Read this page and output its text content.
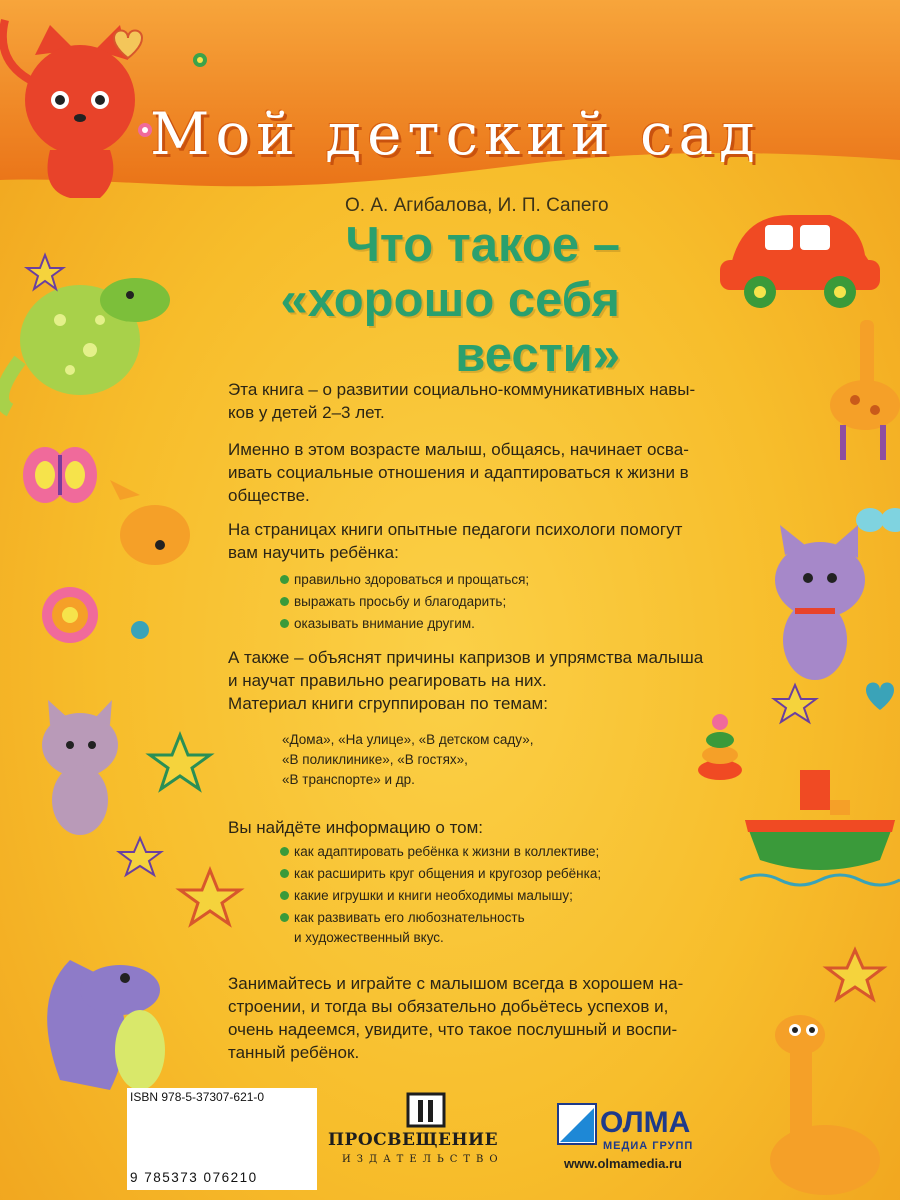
Мой детский сад
О. А. Агибалова, И. П. Сапего
Что такое –
«хорошо себя
вести»
Эта книга – о развитии социально-коммуникативных навы-
ков у детей 2–3 лет.
Именно в этом возрасте малыш, общаясь, начинает осва-
ивать социальные отношения и адаптироваться к жизни в
обществе.
На страницах книги опытные педагоги психологи помогут
вам научить ребёнка:
правильно здороваться и прощаться;
выражать просьбу и благодарить;
оказывать внимание другим.
А также – объяснят причины капризов и упрямства малыша
и научат правильно реагировать на них.
Материал книги сгруппирован по темам:
«Дома», «На улице», «В детском саду»,
«В поликлинике», «В гостях»,
«В транспорте» и др.
Вы найдёте информацию о том:
как адаптировать ребёнка к жизни в коллективе;
как расширить круг общения и кругозор ребёнка;
какие игрушки и книги необходимы малышу;
как развивать его любознательность
и художественный вкус.
Занимайтесь и играйте с малышом всегда в хорошем на-
строении, и тогда вы обязательно добьётесь успехов и,
очень надеемся, увидите, что такое послушный и воспи-
танный ребёнок.
ISBN 978-5-37307-621-0
9 785373 076210
ПРОСВЕЩЕНИЕ
ИЗДАТЕЛЬСТВО
ОЛМА
МЕДИА ГРУПП
www.olmamedia.ru
